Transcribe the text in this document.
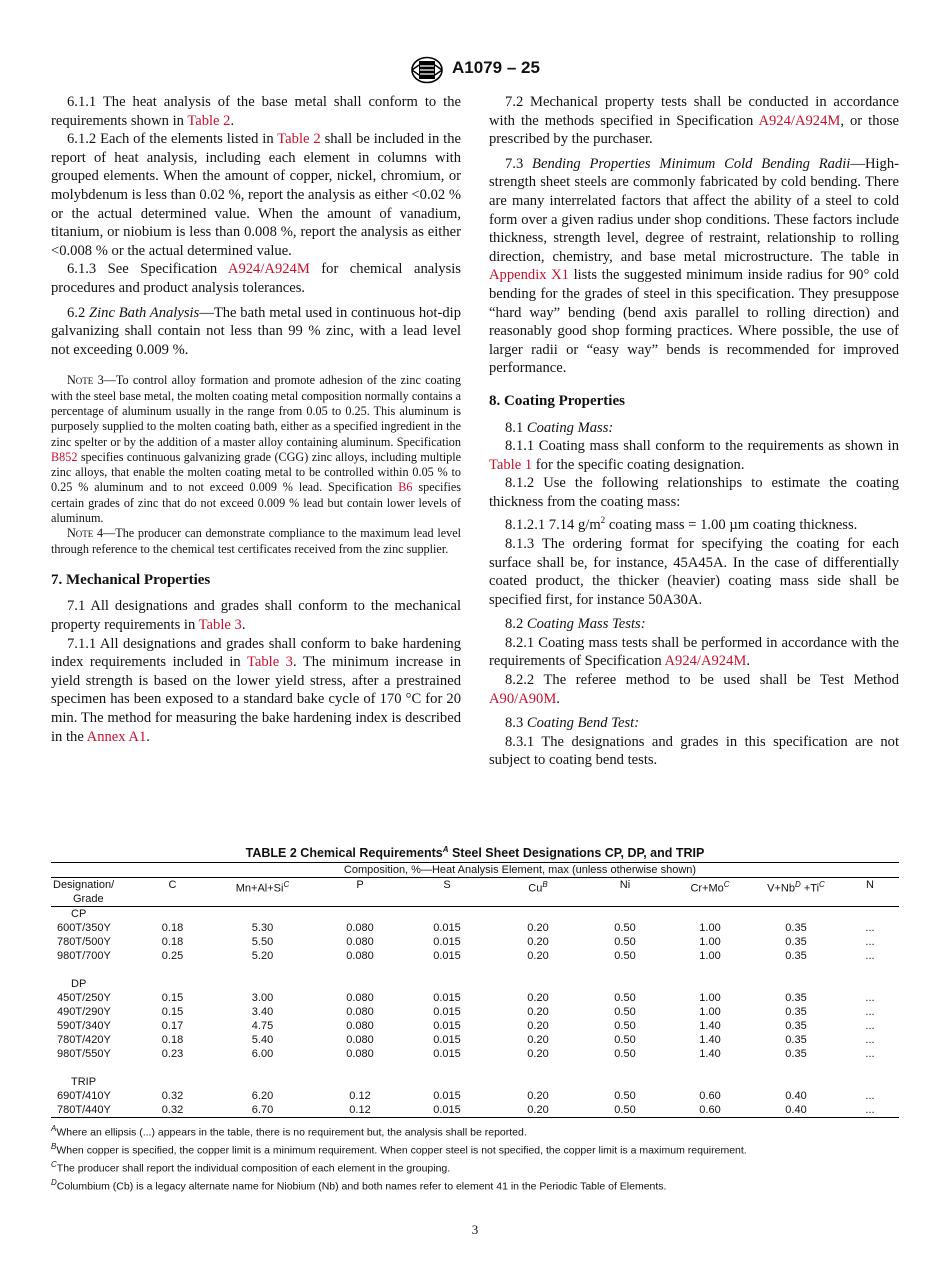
A1079 – 25

6.1.1 The heat analysis of the base metal shall conform to the requirements shown in Table 2.

6.1.2 Each of the elements listed in Table 2 shall be included in the report of heat analysis, including each element in columns with grouped elements. When the amount of copper, nickel, chromium, or molybdenum is less than 0.02 %, report the analysis as either <0.02 % or the actual determined value. When the amount of vanadium, titanium, or niobium is less than 0.008 %, report the analysis as either <0.008 % or the actual determined value.

6.1.3 See Specification A924/A924M for chemical analysis procedures and product analysis tolerances.

6.2 Zinc Bath Analysis—The bath metal used in continuous hot-dip galvanizing shall contain not less than 99 % zinc, with a lead level not exceeding 0.009 %.

Note 3—To control alloy formation and promote adhesion of the zinc coating with the steel base metal, the molten coating metal composition normally contains a percentage of aluminum usually in the range from 0.05 to 0.25. This aluminum is purposely supplied to the molten coating bath, either as a specified ingredient in the zinc spelter or by the addition of a master alloy containing aluminum. Specification B852 specifies continuous galvanizing grade (CGG) zinc alloys, including multiple zinc alloys, that enable the molten coating metal to be controlled within 0.05 % to 0.25 % aluminum and to not exceed 0.009 % lead. Specification B6 specifies certain grades of zinc that do not exceed 0.009 % lead but contain lower levels of aluminum.

Note 4—The producer can demonstrate compliance to the maximum lead level through reference to the chemical test certificates received from the zinc supplier.

7. Mechanical Properties

7.1 All designations and grades shall conform to the mechanical property requirements in Table 3.

7.1.1 All designations and grades shall conform to bake hardening index requirements included in Table 3. The minimum increase in yield strength is based on the lower yield stress, after a prestrained specimen has been exposed to a standard bake cycle of 170 °C for 20 min. The method for measuring the bake hardening index is described in the Annex A1.

7.2 Mechanical property tests shall be conducted in accordance with the methods specified in Specification A924/A924M, or those prescribed by the purchaser.

7.3 Bending Properties Minimum Cold Bending Radii—High-strength sheet steels are commonly fabricated by cold bending. There are many interrelated factors that affect the ability of a steel to cold form over a given radius under shop conditions. These factors include thickness, strength level, degree of restraint, relationship to rolling direction, chemistry, and base metal microstructure. The table in Appendix X1 lists the suggested minimum inside radius for 90° cold bending for the grades of steel in this specification. They presuppose “hard way” bending (bend axis parallel to rolling direction) and reasonably good shop forming practices. Where possible, the use of larger radii or “easy way” bends is recommended for improved performance.

8. Coating Properties

8.1 Coating Mass:

8.1.1 Coating mass shall conform to the requirements as shown in Table 1 for the specific coating designation.

8.1.2 Use the following relationships to estimate the coating thickness from the coating mass:

8.1.2.1 7.14 $g/m^2$ coating mass = 1.00 µm coating thickness.

8.1.3 The ordering format for specifying the coating for each surface shall be, for instance, 45A45A. In the case of differentially coated product, the thicker (heavier) coating mass side shall be specified first, for instance 50A30A.

8.2 Coating Mass Tests:

8.2.1 Coating mass tests shall be performed in accordance with the requirements of Specification A924/A924M.

8.2.2 The referee method to be used shall be Test Method A90/A90M.

8.3 Coating Bend Test:

8.3.1 The designations and grades in this specification are not subject to coating bend tests.

TABLE 2 Chemical Requirements$^A$ Steel Sheet Designations CP, DP, and TRIP
	Composition, %—Heat Analysis Element, max (unless otherwise shown)								
Designation/
Grade	C	$Mn+Al+Si^C$	P	S	$Cu^B$	Ni	$Cr+Mo^C$	$V+Nb^D +Ti^C$	N
CP									
600T/350Y	0.18	5.30	0.080	0.015	0.20	0.50	1.00	0.35	...
780T/500Y	0.18	5.50	0.080	0.015	0.20	0.50	1.00	0.35	...
980T/700Y	0.25	5.20	0.080	0.015	0.20	0.50	1.00	0.35	...

DP									
450T/250Y	0.15	3.00	0.080	0.015	0.20	0.50	1.00	0.35	...
490T/290Y	0.15	3.40	0.080	0.015	0.20	0.50	1.00	0.35	...
590T/340Y	0.17	4.75	0.080	0.015	0.20	0.50	1.40	0.35	...
780T/420Y	0.18	5.40	0.080	0.015	0.20	0.50	1.40	0.35	...
980T/550Y	0.23	6.00	0.080	0.015	0.20	0.50	1.40	0.35	...

TRIP									
690T/410Y	0.32	6.20	0.12	0.015	0.20	0.50	0.60	0.40	...
780T/440Y	0.32	6.70	0.12	0.015	0.20	0.50	0.60	0.40	...
$^A$Where an ellipsis (...) appears in the table, there is no requirement but, the analysis shall be reported.
$^B$When copper is specified, the copper limit is a minimum requirement. When copper steel is not specified, the copper limit is a maximum requirement.
$^C$The producer shall report the individual composition of each element in the grouping.
$^D$Columbium (Cb) is a legacy alternate name for Niobium (Nb) and both names refer to element 41 in the Periodic Table of Elements.
3
